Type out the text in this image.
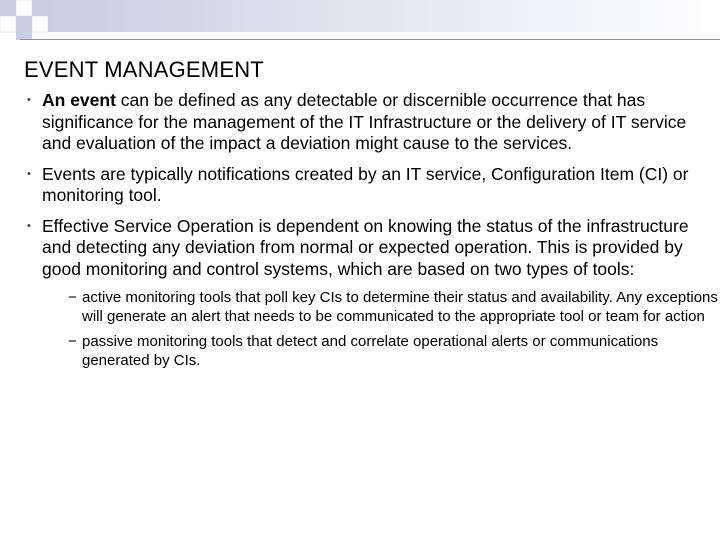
EVENT MANAGEMENT
• An event can be defined as any detectable or discernible occurrence that has significance for the management of the IT Infrastructure or the delivery of IT service and evaluation of the impact a deviation might cause to the services.
• Events are typically notifications created by an IT service, Configuration Item (CI) or monitoring tool.
• Effective Service Operation is dependent on knowing the status of the infrastructure and detecting any deviation from normal or expected operation. This is provided by good monitoring and control systems, which are based on two types of tools:
− active monitoring tools that poll key CIs to determine their status and availability. Any exceptions will generate an alert that needs to be communicated to the appropriate tool or team for action
− passive monitoring tools that detect and correlate operational alerts or communications generated by CIs.
